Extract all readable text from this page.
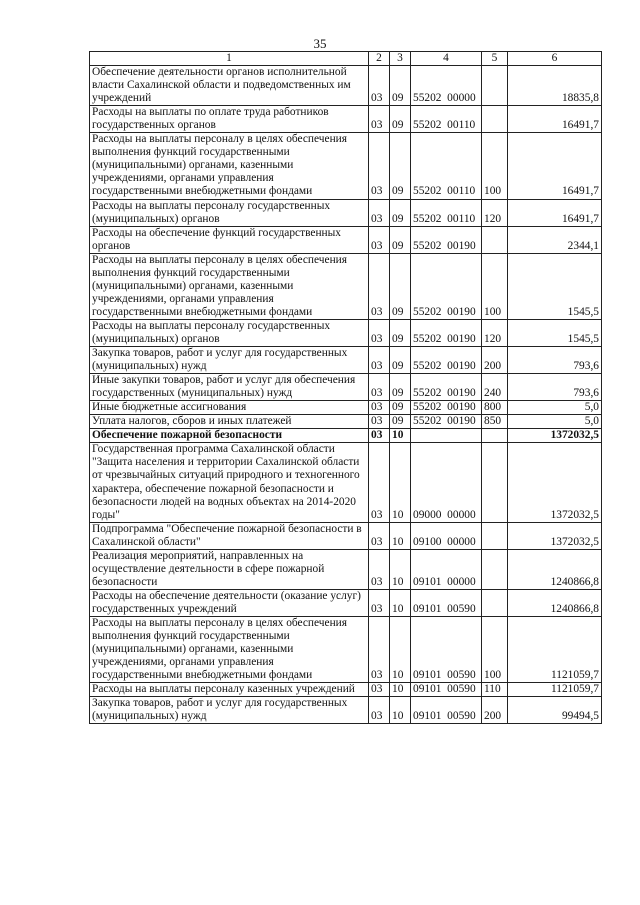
35
1	2	3	4	5	6
Обеспечение деятельности органов исполнительной власти Сахалинской области и подведомственных им учреждений	03	09	55202  00000		18835,8
Расходы на выплаты по оплате труда работников государственных органов	03	09	55202  00110		16491,7
Расходы на выплаты персоналу в целях обеспечения выполнения функций государственными (муниципальными) органами, казенными учреждениями, органами управления государственными внебюджетными фондами	03	09	55202  00110	100	16491,7
Расходы на выплаты персоналу государственных (муниципальных) органов	03	09	55202  00110	120	16491,7
Расходы на обеспечение функций государственных органов	03	09	55202  00190		2344,1
Расходы на выплаты персоналу в целях обеспечения выполнения функций государственными (муниципальными) органами, казенными учреждениями, органами управления государственными внебюджетными фондами	03	09	55202  00190	100	1545,5
Расходы на выплаты персоналу государственных (муниципальных) органов	03	09	55202  00190	120	1545,5
Закупка товаров, работ и услуг для государственных (муниципальных) нужд	03	09	55202  00190	200	793,6
Иные закупки товаров, работ и услуг для обеспечения государственных (муниципальных) нужд	03	09	55202  00190	240	793,6
Иные бюджетные ассигнования	03	09	55202  00190	800	5,0
Уплата налогов, сборов и иных платежей	03	09	55202  00190	850	5,0
Обеспечение пожарной безопасности	03	10			1372032,5
Государственная программа Сахалинской области "Защита населения и территории Сахалинской области от чрезвычайных ситуаций природного и техногенного характера, обеспечение пожарной безопасности и безопасности людей на водных объектах на 2014-2020 годы"	03	10	09000  00000		1372032,5
Подпрограмма "Обеспечение пожарной безопасности в Сахалинской области"	03	10	09100  00000		1372032,5
Реализация мероприятий, направленных на осуществление деятельности в сфере пожарной безопасности	03	10	09101  00000		1240866,8
Расходы на обеспечение деятельности (оказание услуг) государственных учреждений	03	10	09101  00590		1240866,8
Расходы на выплаты персоналу в целях обеспечения выполнения функций государственными (муниципальными) органами, казенными учреждениями, органами управления государственными внебюджетными фондами	03	10	09101  00590	100	1121059,7
Расходы на выплаты персоналу казенных учреждений	03	10	09101  00590	110	1121059,7
Закупка товаров, работ и услуг для государственных (муниципальных) нужд	03	10	09101  00590	200	99494,5
